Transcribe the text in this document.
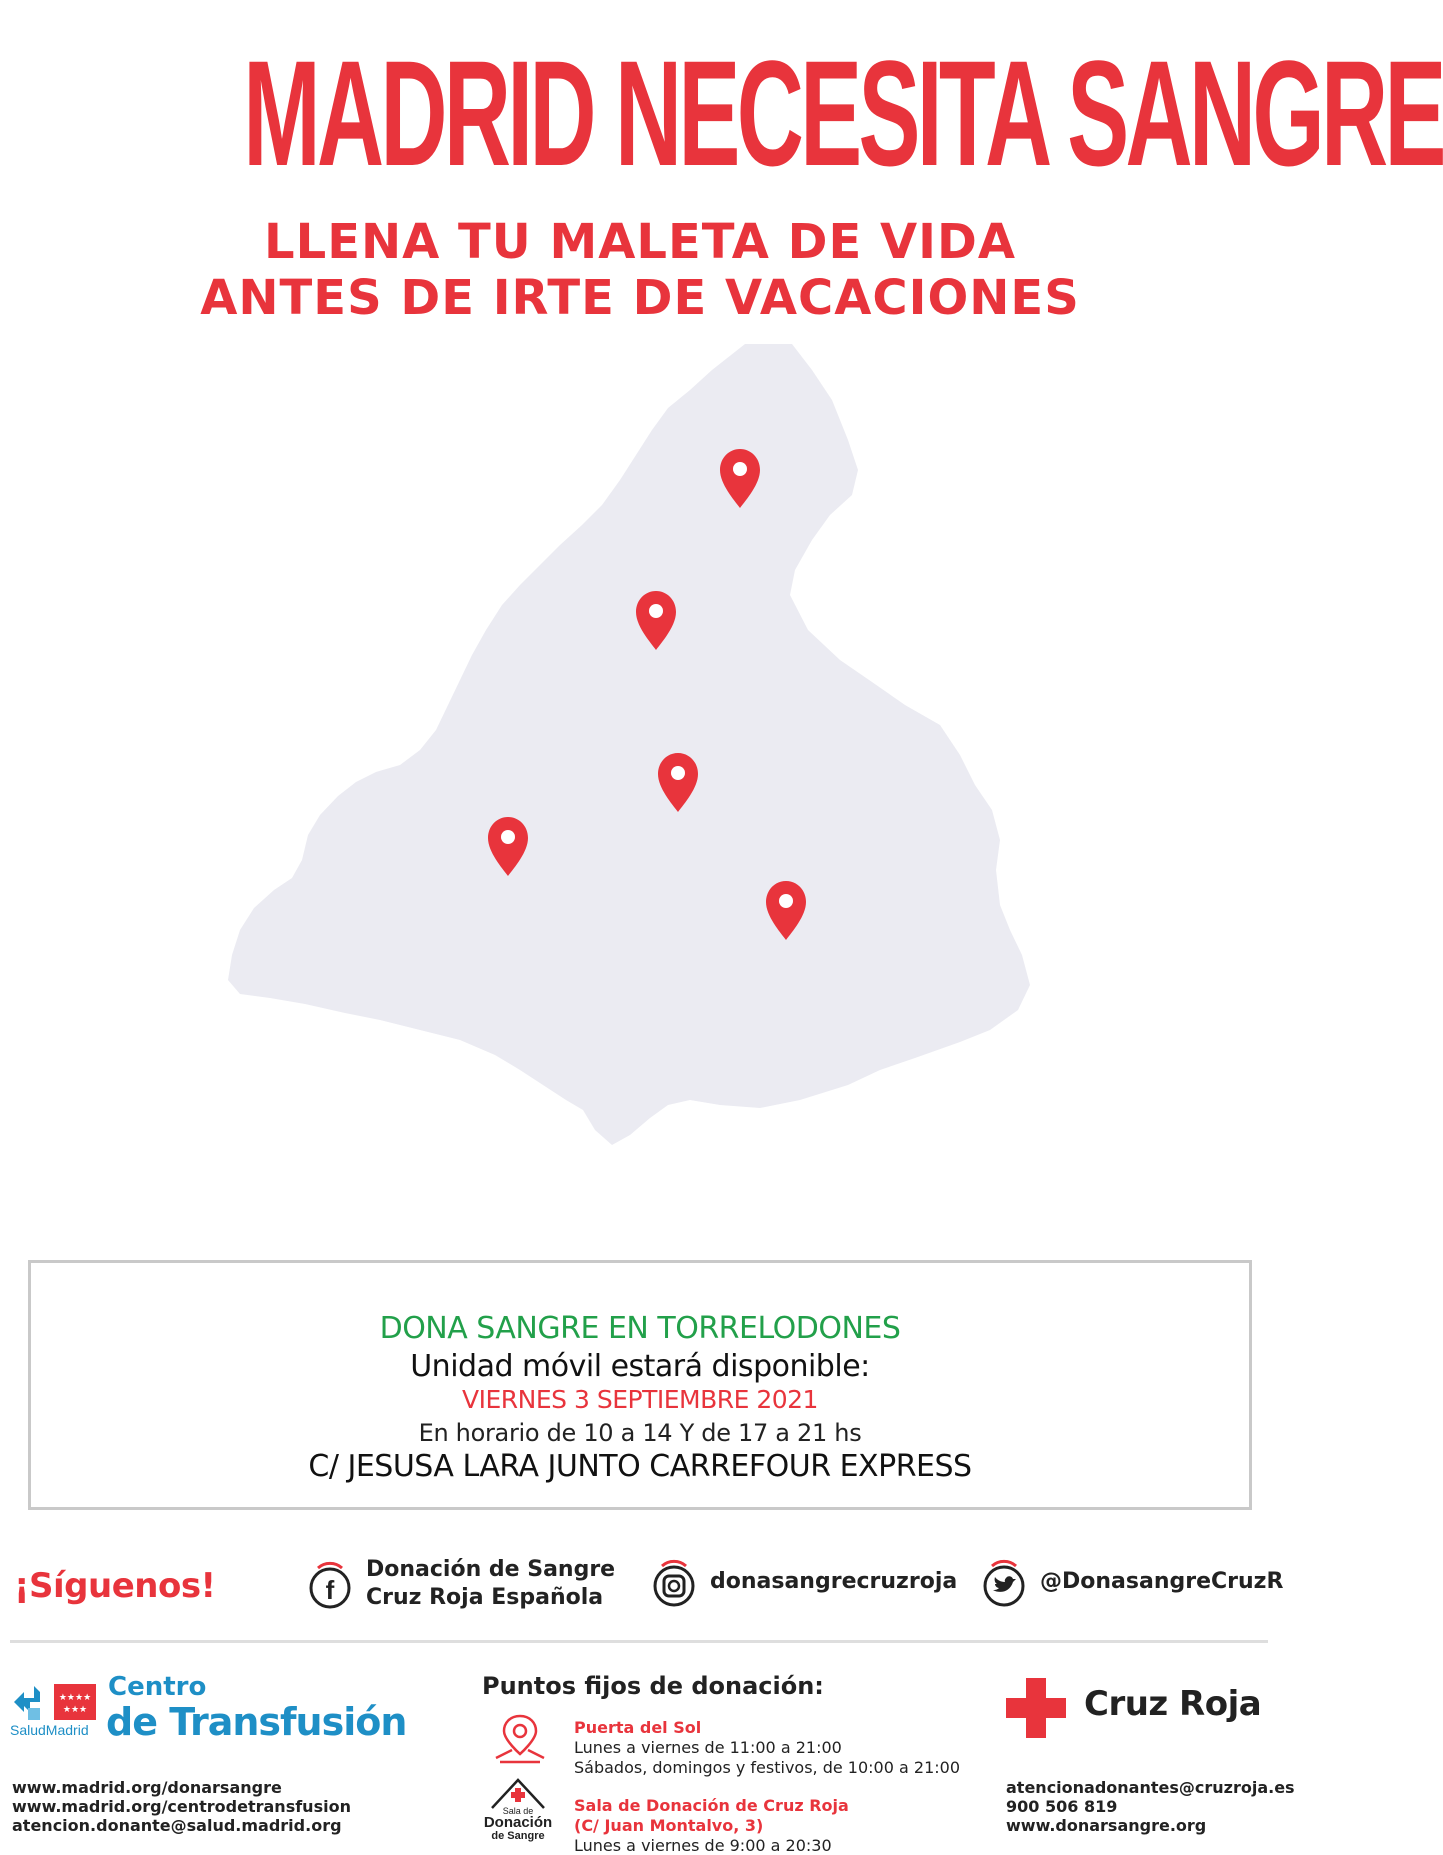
MADRID NECESITA SANGRE
LLENA TU MALETA DE VIDA
ANTES DE IRTE DE VACACIONES
DONA SANGRE EN TORRELODONES
Unidad móvil estará disponible:
VIERNES 3 SEPTIEMBRE 2021
En horario de 10 a 14 Y de 17 a 21 hs
C/ JESUSA LARA JUNTO CARREFOUR EXPRESS
¡Síguenos!	f
Donación de Sangre
Cruz Roja Española
donasangrecruzroja	@DonasangreCruzR
★★★★
★★★
SaludMadrid
Centro
de Transfusión
www.madrid.org/donarsangre
www.madrid.org/centrodetransfusion
atencion.donante@salud.madrid.org
Puntos fijos de donación:
Puerta del Sol
Lunes a viernes de 11:00 a 21:00
Sábados, domingos y festivos, de 10:00 a 21:00
Sala de
Donación
de Sangre
Sala de Donación de Cruz Roja
(C/ Juan Montalvo, 3)
Lunes a viernes de 9:00 a 20:30
Cruz Roja
atencionadonantes@cruzroja.es
900 506 819
www.donarsangre.org
